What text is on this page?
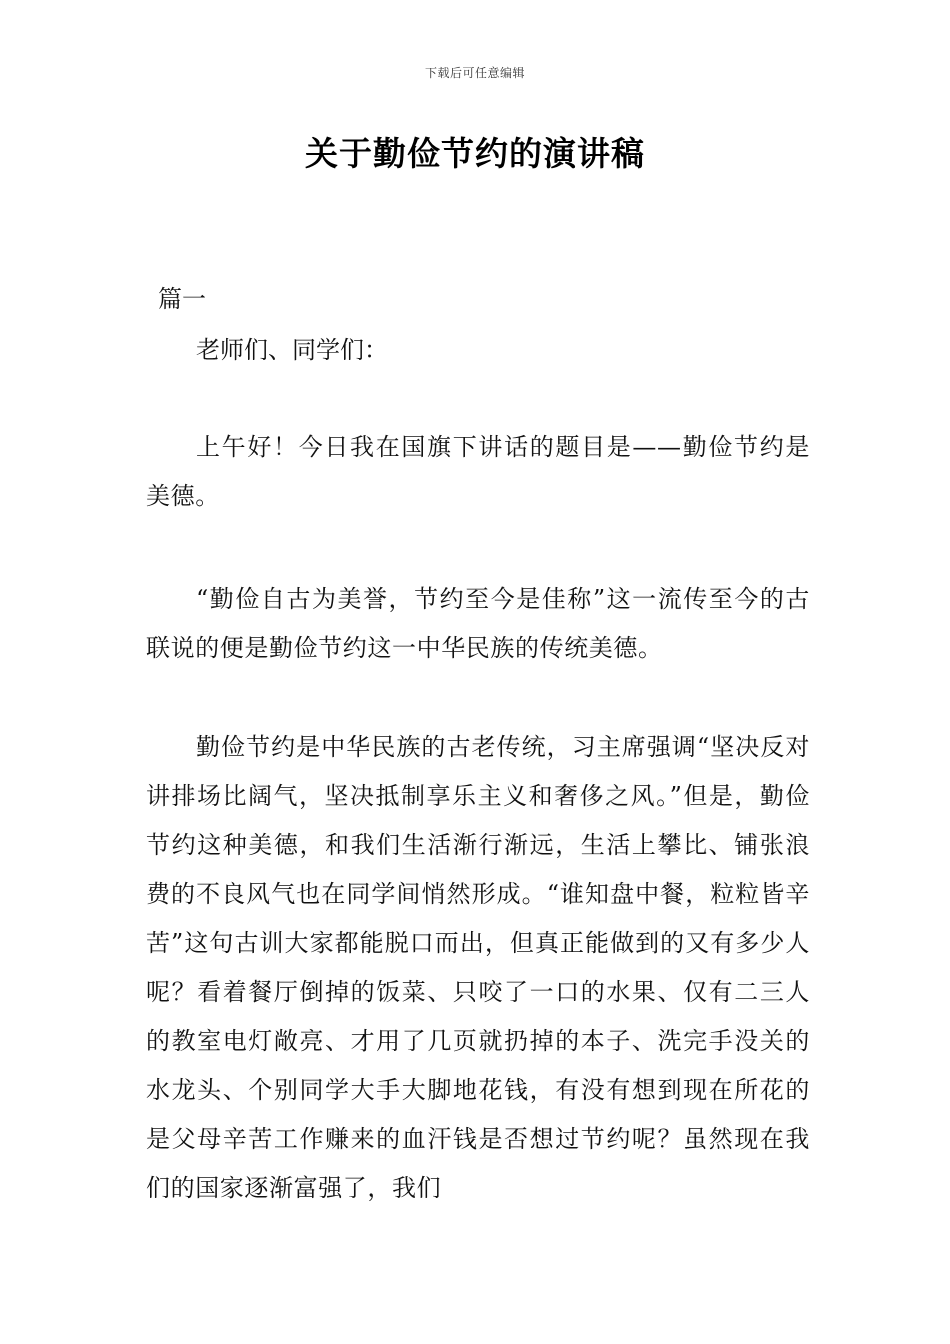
下载后可任意编辑
关于勤俭节约的演讲稿
篇一
老师们、同学们：

上午好！今日我在国旗下讲话的题目是——勤俭节约是美德。

“勤俭自古为美誉，节约至今是佳称”这一流传至今的古联说的便是勤俭节约这一中华民族的传统美德。

勤俭节约是中华民族的古老传统，习主席强调“坚决反对讲排场比阔气，坚决抵制享乐主义和奢侈之风。”但是，勤俭节约这种美德，和我们生活渐行渐远，生活上攀比、铺张浪费的不良风气也在同学间悄然形成。“谁知盘中餐，粒粒皆辛苦”这句古训大家都能脱口而出，但真正能做到的又有多少人呢？看着餐厅倒掉的饭菜、只咬了一口的水果、仅有二三人的教室电灯敞亮、才用了几页就扔掉的本子、洗完手没关的水龙头、个别同学大手大脚地花钱，有没有想到现在所花的是父母辛苦工作赚来的血汗钱是否想过节约呢？虽然现在我们的国家逐渐富强了，我们
